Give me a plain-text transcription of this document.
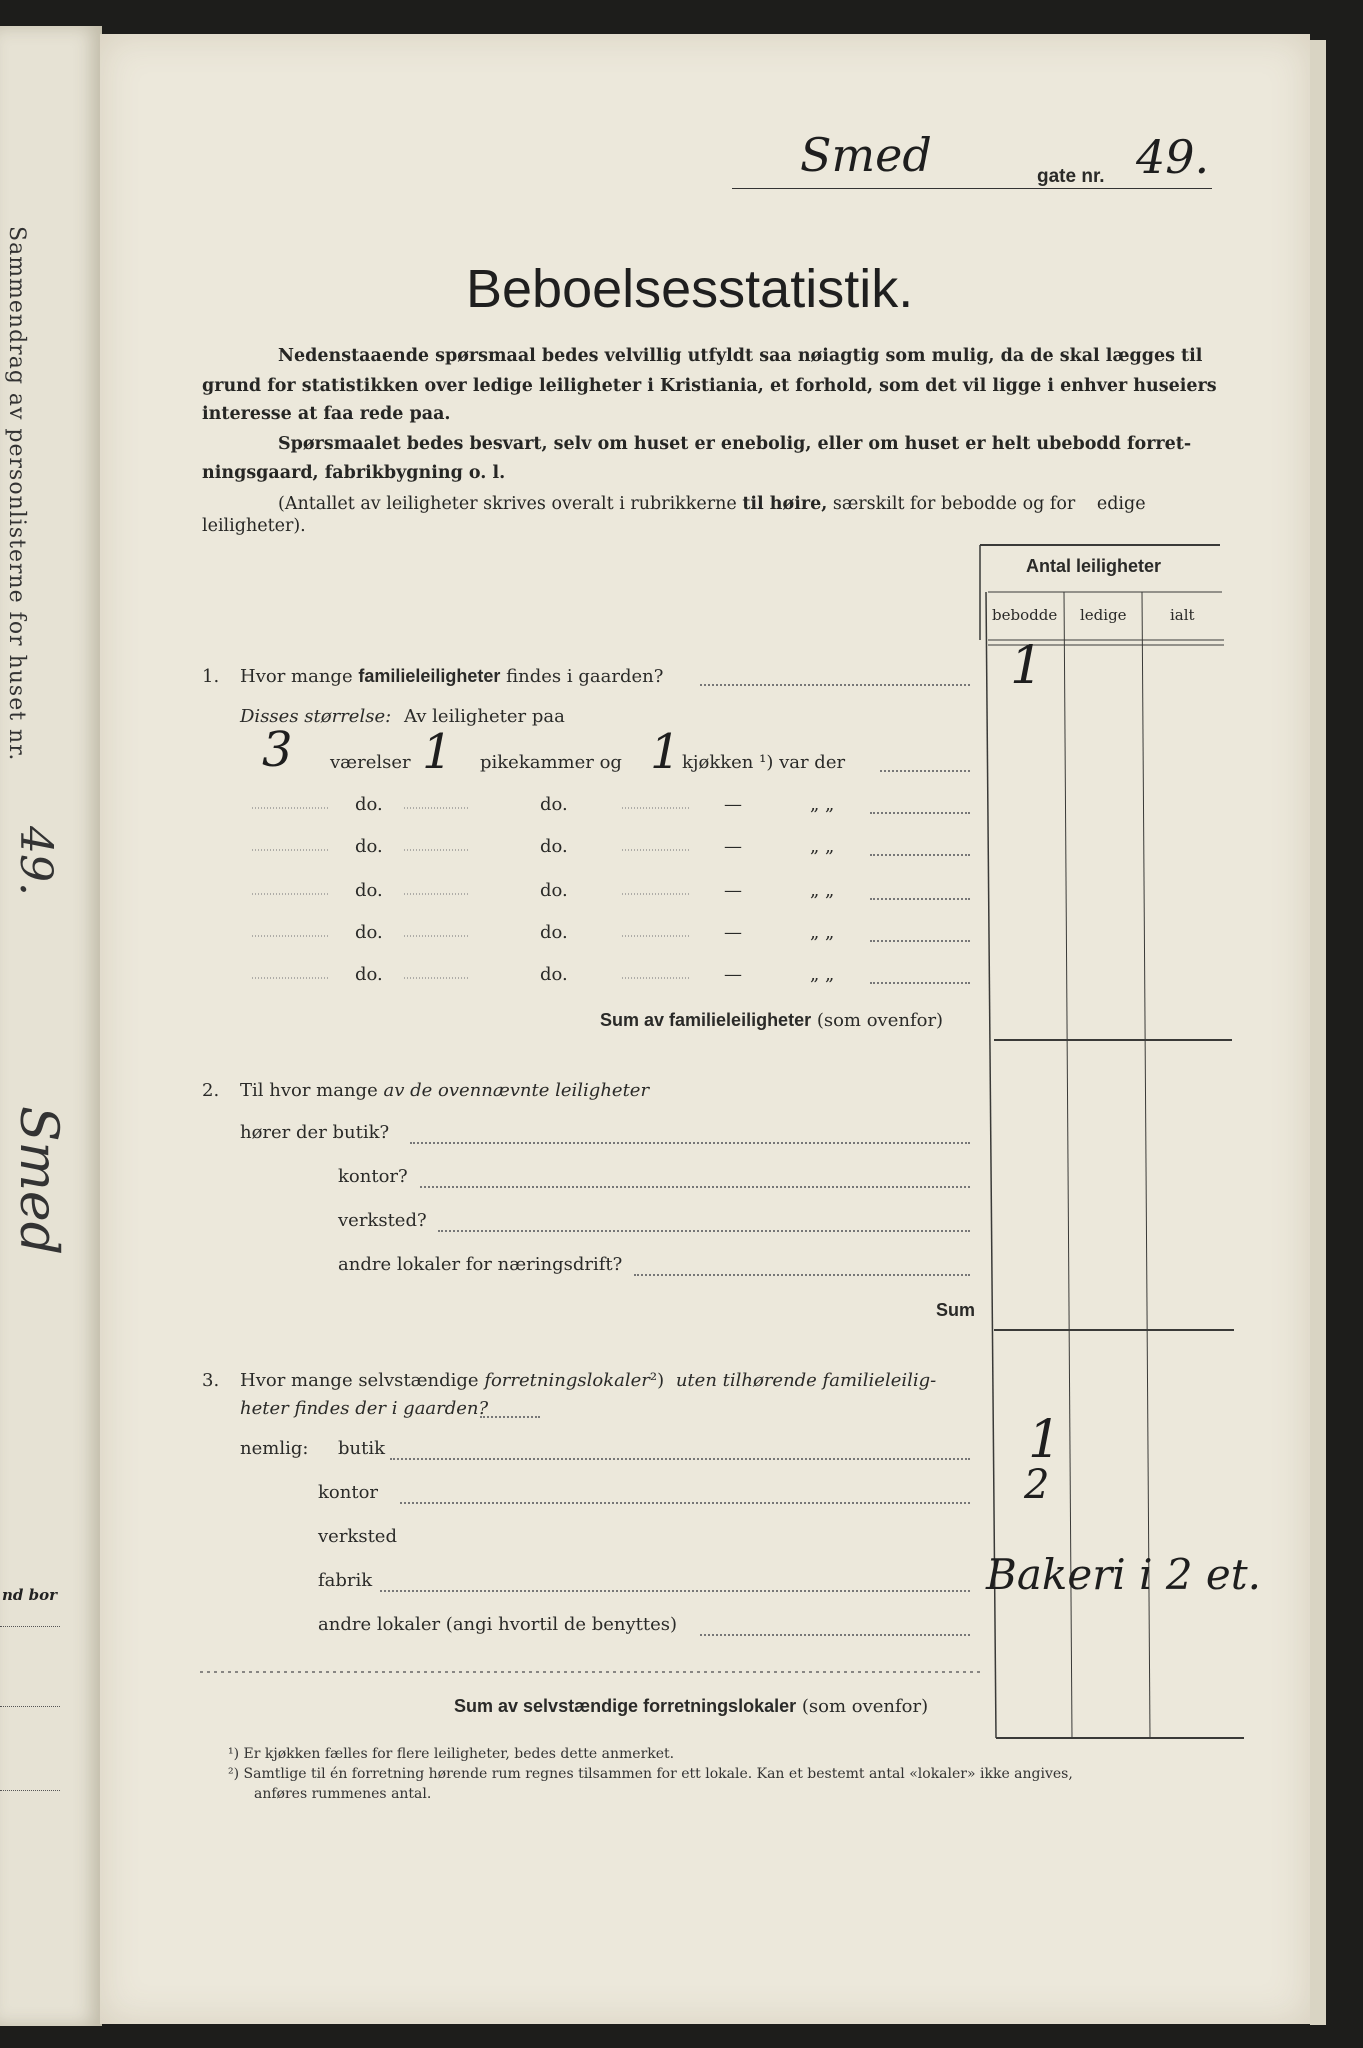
Sammendrag av personlisterne for huset nr.
49.
Smed
nd bor
Smed	gate nr. 49.
Beboelsesstatistik.
Nedenstaaende spørsmaal bedes velvillig utfyldt saa nøiagtig som mulig, da de skal lægges til
grund for statistikken over ledige leiligheter i Kristiania, et forhold, som det vil ligge i enhver huseiers
interesse at faa rede paa.
Spørsmaalet bedes besvart, selv om huset er enebolig, eller om huset er helt ubebodd forret-
ningsgaard, fabrikbygning o. l.
(Antallet av leiligheter skrives overalt i rubrikkerne til høire, særskilt for bebodde og for edige
leiligheter).
Antal leiligheter
bebodde ledige	ialt
1. Hvor mange familieleiligheter findes i gaarden?	1
Disses størrelse: Av leiligheter paa
3 værelser 1 pikekammer og 1 kjøkken ¹) var der
do.	do.	—	„ „
do.	do.	—	„ „
do.	do.	—	„ „
do.	do.	—	„ „
do.	do.	—	„ „
Sum av familieleiligheter (som ovenfor)
2. Til hvor mange av de ovennævnte leiligheter
hører der butik?
kontor?
verksted?
andre lokaler for næringsdrift?
Sum
3. Hvor mange selvstændige forretningslokaler²) uten tilhørende familieleilig-
heter findes der i gaarden?
nemlig: butik	1
kontor	2
verksted
fabrik	Bakeri i 2 et.
andre lokaler (angi hvortil de benyttes)
Sum av selvstændige forretningslokaler (som ovenfor)
¹) Er kjøkken fælles for flere leiligheter, bedes dette anmerket.
²) Samtlige til én forretning hørende rum regnes tilsammen for ett lokale. Kan et bestemt antal «lokaler» ikke angives,
anføres rummenes antal.
